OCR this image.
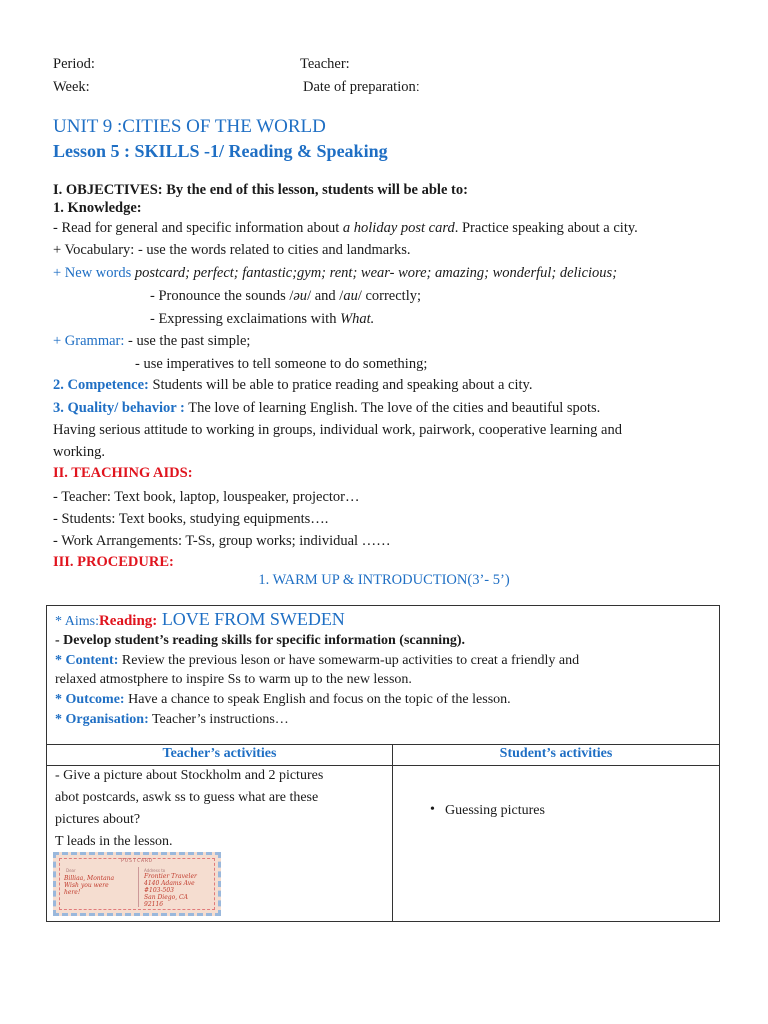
Period:	Teacher:
Week:	Date of preparationː
UNIT 9 :CITIES OF THE WORLD
Lesson 5 : SKILLS -1/ Reading & Speaking
I. OBJECTIVES: By the end of this lesson, students will be able to:
1. Knowledge:
- Read for general and specific information about a holiday post card. Practice speaking about a city.
+ Vocabulary: - use the words related to cities and landmarks.
+ New words postcard; perfect; fantastic;gym; rent; wear- wore; amazing; wonderful; delicious;
- Pronounce the sounds /əu/ and /au/ correctly;
- Expressing exclaimations with What.
+ Grammar: - use the past simple;
- use imperatives to tell someone to do something;
2. Competence: Students will be able to pratice reading and speaking about a city.
3. Quality/ behavior : The love of learning English. The love of the cities and beautiful spots.
Having serious attitude to working in groups, individual work, pairwork, cooperative learning and
working.
II. TEACHING AIDS:
- Teacher: Text book, laptop, louspeaker, projector…
- Students: Text books, studying equipments….
- Work Arrangements: T-Ss, group works; individual ……
III. PROCEDURE:
1. WARM UP & INTRODUCTION(3’- 5’)
* Aims:Reading: LOVE FROM SWEDEN
- Develop student’s reading skills for specific information (scanning).
* Content: Review the previous leson or have somewarm-up activities to creat a friendly and
relaxed atmostphere to inspire Ss to warm up to the new lesson.
* Outcome: Have a chance to speak English and focus on the topic of the lesson.
* Organisation: Teacher’s instructions…
Teacher’s activities	Student’s activities
- Give a picture about Stockholm and 2 pictures
abot postcards, aswk ss to guess what are these
pictures about?
T leads in the lesson.
POSTCARD
Dear	Address to
Billiaa, Montana
Wish you were
here!
Frontier Traveler
4140 Adams Ave
#103-503
San Diego, CA
92116
• Guessing pictures
